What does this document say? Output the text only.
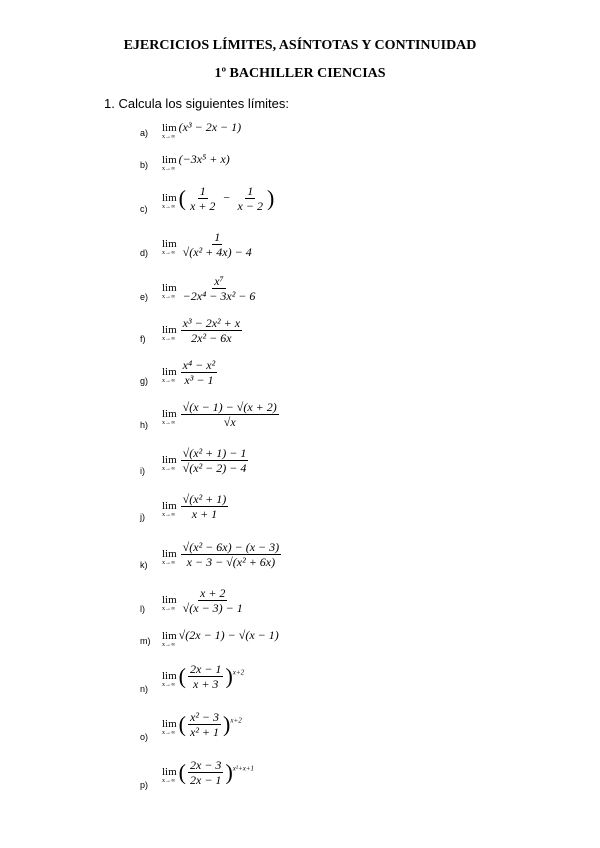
EJERCICIOS LÍMITES, ASÍNTOTAS Y CONTINUIDAD
1º BACHILLER CIENCIAS
1. Calcula los siguientes límites:
a) lim
x→∞
(x³ − 2x − 1)
b) lim
x→∞
(−3x⁵ + x)
c)
lim
x→∞ ( $\frac{1}{x + 2} - \frac{1}{x - 2}$ )
d)
lim
$x\to\infty \frac{1}{\text{√(x² + 4x) − 4}}$
e)
lim
$x\to\infty \frac{\text{x⁷}}{\text{−2x⁴ − 3x² − 6}}$
f)
lim
$x\to\infty \frac{\text{x³ − 2x² + x}}{\text{2x² − 6x}}$
g)
lim
$x\to\infty \frac{\text{x⁴ − x²}}{\text{x³ − 1}}$
h)
lim
$x\to\infty \frac{√(x - 1) - √(x + 2)}{√x}$
i)
lim
$x\to\infty \frac{\text{√(x² + 1) − 1}}{\text{√(x² − 2) − 4}}$
j)
lim
$x\to\infty \frac{\text{√(x² + 1)}}{x + 1}$
k)
lim
$x\to\infty \frac{\text{√(x² − 6x) − (x − 3)}}{\text{x − 3 − √(x² + 6x)}}$
l)
lim
$x\to\infty \frac{x + 2}{√(x - 3) - 1}$
m) lim
x→∞
√(2x − 1) − √(x − 1)
n)
lim
x→∞ ( $\frac{2x - 1}{x + 3} )^{x+2}$
o)
lim
x→∞ ( $\frac{\text{x² − 3}}{\text{x² + 1}} )^{x+2}$
p)
lim
x→∞ ( $\frac{2x - 3}{2x - 1} )^{x^2+x+1}$
